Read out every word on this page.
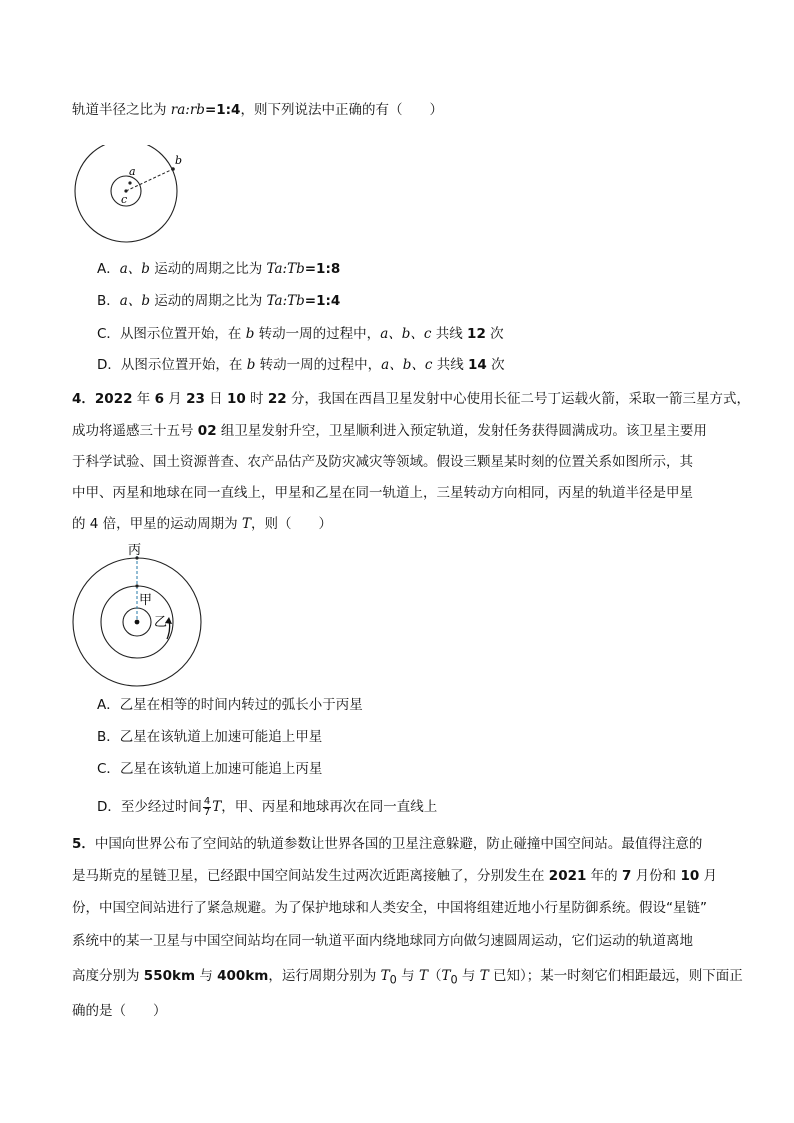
轨道半径之比为 ra:rb=1:4，则下列说法中正确的有（　　）
a
b
c
A．a、b 运动的周期之比为 Ta:Tb=1:8
B．a、b 运动的周期之比为 Ta:Tb=1:4
C．从图示位置开始，在 b 转动一周的过程中，a、b、c 共线 12 次
D．从图示位置开始，在 b 转动一周的过程中，a、b、c 共线 14 次
4．2022 年 6 月 23 日 10 时 22 分，我国在西昌卫星发射中心使用长征二号丁运载火箭，采取一箭三星方式，
成功将遥感三十五号 02 组卫星发射升空，卫星顺利进入预定轨道，发射任务获得圆满成功。该卫星主要用
于科学试验、国土资源普查、农产品估产及防灾减灾等领域。假设三颗星某时刻的位置关系如图所示，其
中甲、丙星和地球在同一直线上，甲星和乙星在同一轨道上，三星转动方向相同，丙星的轨道半径是甲星
的 4 倍，甲星的运动周期为 T，则（　　）
丙
甲
乙
A．乙星在相等的时间内转过的弧长小于丙星
B．乙星在该轨道上加速可能追上甲星
C．乙星在该轨道上加速可能追上丙星
D．至少经过时间 $\frac{4}{7}$ T，甲、丙星和地球再次在同一直线上
5．中国向世界公布了空间站的轨道参数让世界各国的卫星注意躲避，防止碰撞中国空间站。最值得注意的
是马斯克的星链卫星，已经跟中国空间站发生过两次近距离接触了，分别发生在 2021 年的 7 月份和 10 月
份，中国空间站进行了紧急规避。为了保护地球和人类安全，中国将组建近地小行星防御系统。假设“星链”
系统中的某一卫星与中国空间站均在同一轨道平面内绕地球同方向做匀速圆周运动，它们运动的轨道离地
高度分别为 550km 与 400km，运行周期分别为 $T_0$ 与 $T(T_0$ 与 T 已知）；某一时刻它们相距最远，则下面正
确的是（　　）
